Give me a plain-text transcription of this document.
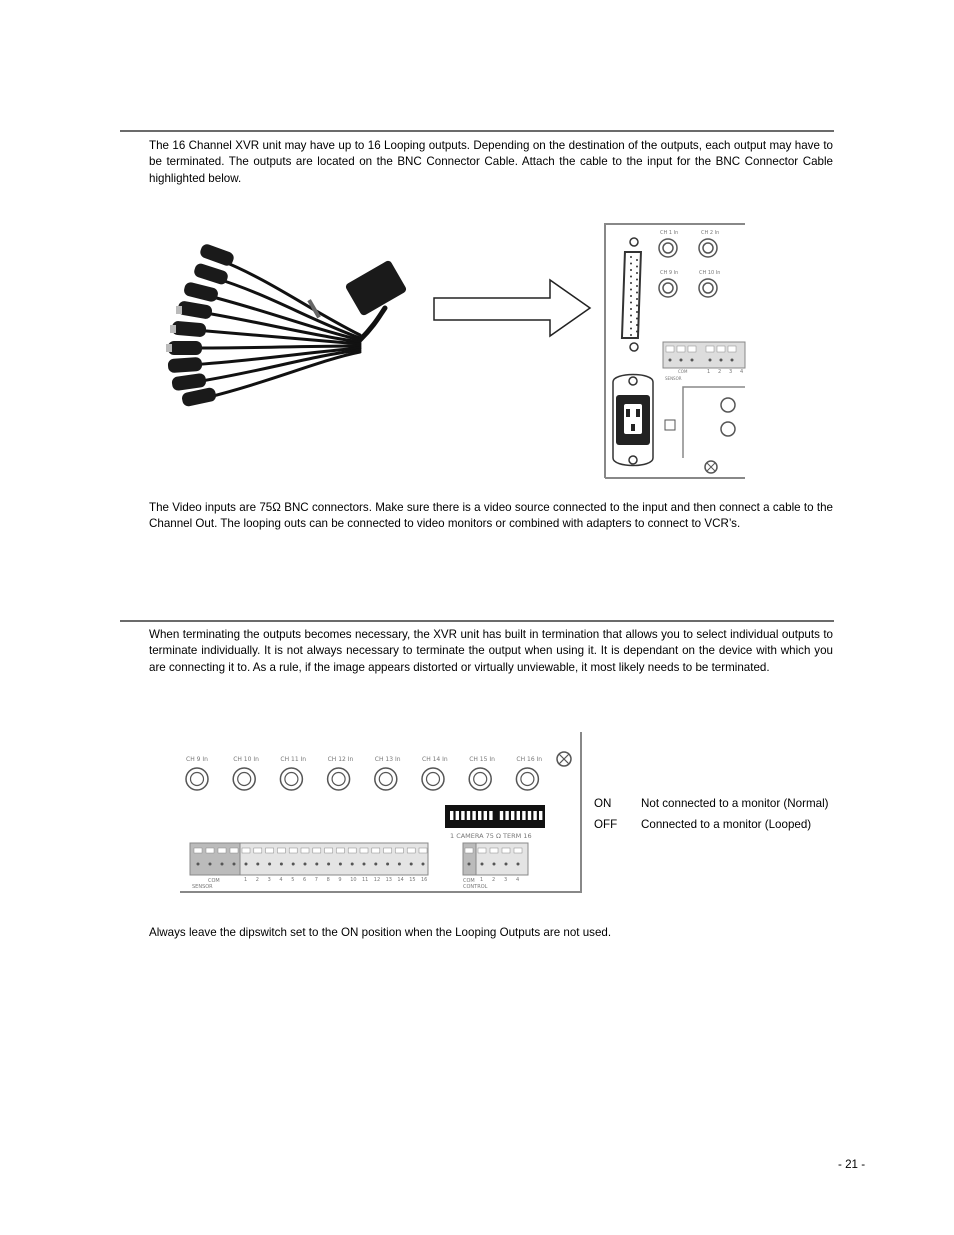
The 16 Channel XVR unit may have up to 16 Looping outputs. Depending on the destination of the outputs, each output may have to be terminated. The outputs are located on the BNC Connector Cable. Attach the cable to the input for the BNC Connector Cable highlighted below.

CH 1 In	CH 2 In
CH 9 In	CH 10 In
COM
SENSOR
1 2 3 4

The Video inputs are 75Ω BNC connectors. Make sure there is a video source connected to the input and then connect a cable to the Channel Out. The looping outs can be connected to video monitors or combined with adapters to connect to VCR’s.

When terminating the outputs becomes necessary, the XVR unit has built in termination that allows you to select individual outputs to terminate individually. It is not always necessary to terminate the output when using it. It is dependant on the device with which you are connecting it to. As a rule, if the image appears distorted or virtually unviewable, it most likely needs to be terminated.

CH 9 In	CH 10 In	CH 11 In	CH 12 In	CH 13 In	CH 14 In	CH 15 In	CH 16 In
1 CAMERA 75 Ω TERM 16
1 2 3 4 5 6 7 8 9 10 11 12 13 14 15 16
COM
SENSOR
1 2 3 4
COM
CONTROL
ON	Not connected to a monitor (Normal)
OFF Connected to a monitor (Looped)

Always leave the dipswitch set to the ON position when the Looping Outputs are not used.

- 21 -
